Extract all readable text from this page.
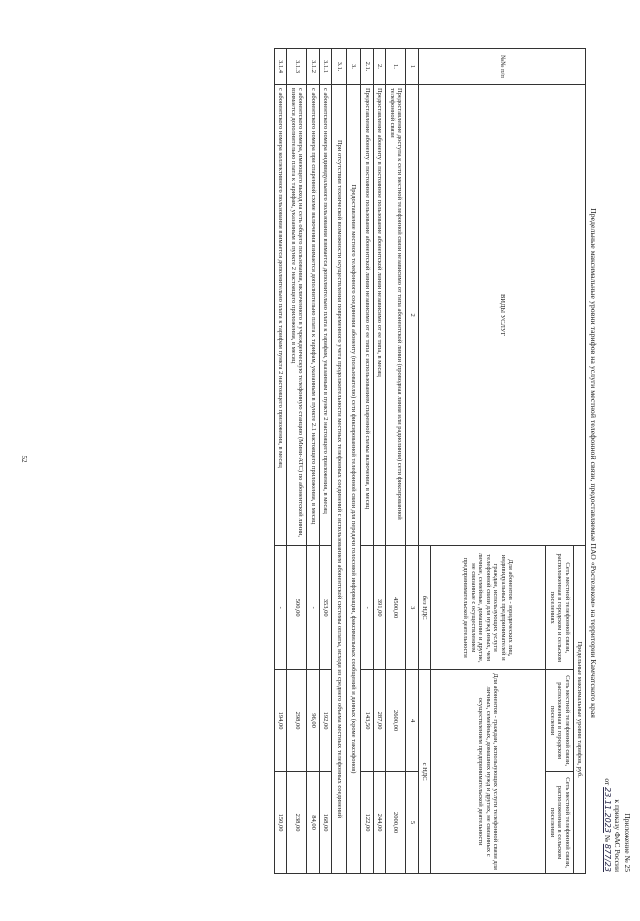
52
Приложение № 25
к приказу ФАС России
от 23.11.2023 № 877/23
Предельные максимальные уровни тарифов на услуги местной телефонной связи, предоставляемые ПАО «Ростелеком» на территории Камчатского края
№№ п/п	ВИДЫ УСЛУГ	Предельные максимальные уровни тарифов, руб.		
		Сеть местной телефонной связи, расположенная в городском и сельском поселениях	Сеть местной телефонной связи, расположенная в городском поселении	Сеть местной телефонной связи, расположенная в сельском поселении
		Для абонентов - юридических лиц, индивидуальных предпринимателей и граждан, использующих услуги телефонной связи для нужд иных, чем личные, семейные, домашние и другие, не связанные с осуществлением предпринимательской деятельности	Для абонентов - граждан, использующих услуги телефонной связи для личных, семейных, домашних нужд и других, не связанных с осуществлением предпринимательской деятельности	
		без НДС	с НДС	
1	2	3	4	5
1.	Предоставление доступа к сети местной телефонной связи независимо от типа абонентской линии (проводная линия или радиолиния) сети фиксированной телефонной связи	4500,00	2600,00	2000,00
2.	Предоставление абоненту в постоянное пользование абонентской линии независимо от ее типа, в месяц	391,00	287,00	244,00
2.1.	Предоставление абоненту в постоянное пользование абонентской линии независимо от ее типа с использованием спаренной схемы включения, в месяц	-	143,50	122,00
3.	Предоставление местного телефонного соединения абоненту (пользователю) сети фиксированной телефонной связи для передачи голосовой информации, факсимильных сообщений и данных (кроме таксофонов)			
3.1.	При отсутствии технической возможности осуществления повременного учета продолжительности местных телефонных соединений с использованием абонентской системы оплаты, исходя из среднего объема местных телефонных соединений			
3.1.1	с абонентского номера индивидуального пользования взимается дополнительно плата к тарифам, указанным в пункте 2 настоящего приложения, в месяц	353,00	192,00	168,00
3.1.2	с абонентского номера при спаренной схеме включения взимается дополнительно плата к тарифам, указанным в пункте 2.1 настоящего приложения, в месяц	-	96,00	84,00
3.1.3	с абонентского номера, имеющего выход на сеть общего пользования, включенного в учрежденческую телефонную станцию (Мини-АТС) по абонентской линии, взимается дополнительно плата к тарифам, указанным в пункте 2 настоящего приложения, в месяц	500,00	298,00	238,00
3.1.4	с абонентского номера коллективного пользования взимается дополнительно плата к тарифам пункта 2 настоящего приложения, в месяц	-	194,00	150,00
